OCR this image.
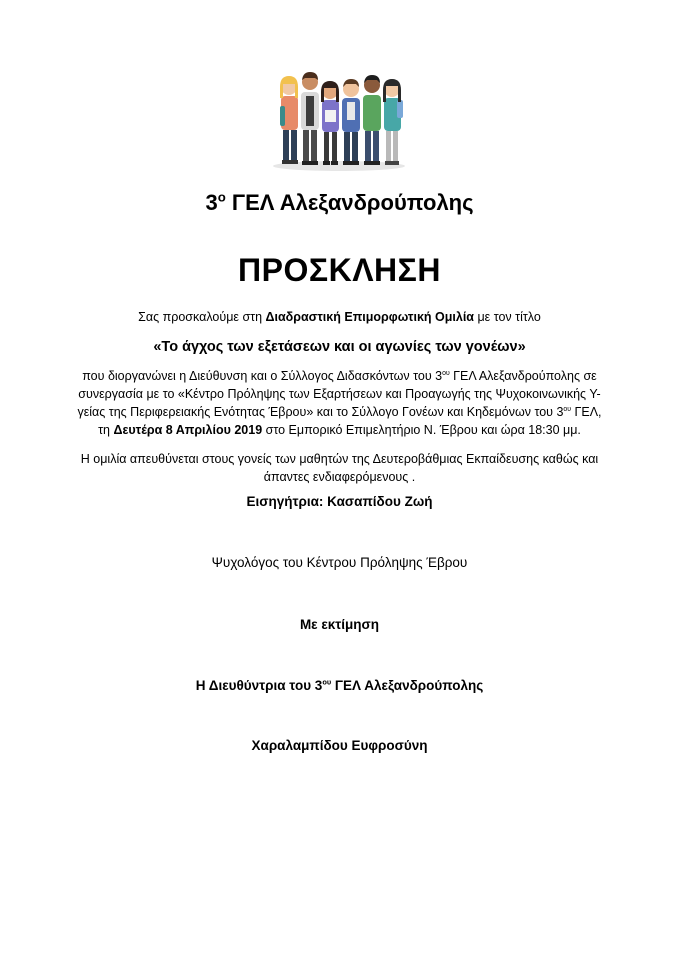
$3^o$ ΓΕΛ Αλεξανδρούπολης
ΠΡΟΣΚΛΗΣΗ
Σας προσκαλούμε στη Διαδραστική Επιμορφωτική Ομιλία με τον τίτλο
«Το άγχος των εξετάσεων και οι αγωνίες των γονέων»
που διοργανώνει η Διεύθυνση και ο Σύλλογος Διδασκόντων του $3^{o\upsilon}$ ΓΕΛ Αλεξανδρούπολης σε
συνεργασία με το «Κέντρο Πρόληψης των Εξαρτήσεων και Προαγωγής της Ψυχοκοινωνικής Υ-
γείας της Περιφερειακής Ενότητας Έβρου» και το Σύλλογο Γονέων και Κηδεμόνων του $3^{o\upsilon}$ ΓΕΛ,
τη Δευτέρα 8 Απριλίου 2019 στο Εμπορικό Επιμελητήριο Ν. Έβρου και ώρα 18:30 μμ.
Η ομιλία απευθύνεται στους γονείς των μαθητών της Δευτεροβάθμιας Εκπαίδευσης καθώς και
άπαντες ενδιαφερόμενους .
Εισηγήτρια: Κασαπίδου Ζωή
Ψυχολόγος του Κέντρου Πρόληψης Έβρου
Με εκτίμηση
Η Διευθύντρια του $3^{o\upsilon}$ ΓΕΛ Αλεξανδρούπολης
Χαραλαμπίδου Ευφροσύνη
